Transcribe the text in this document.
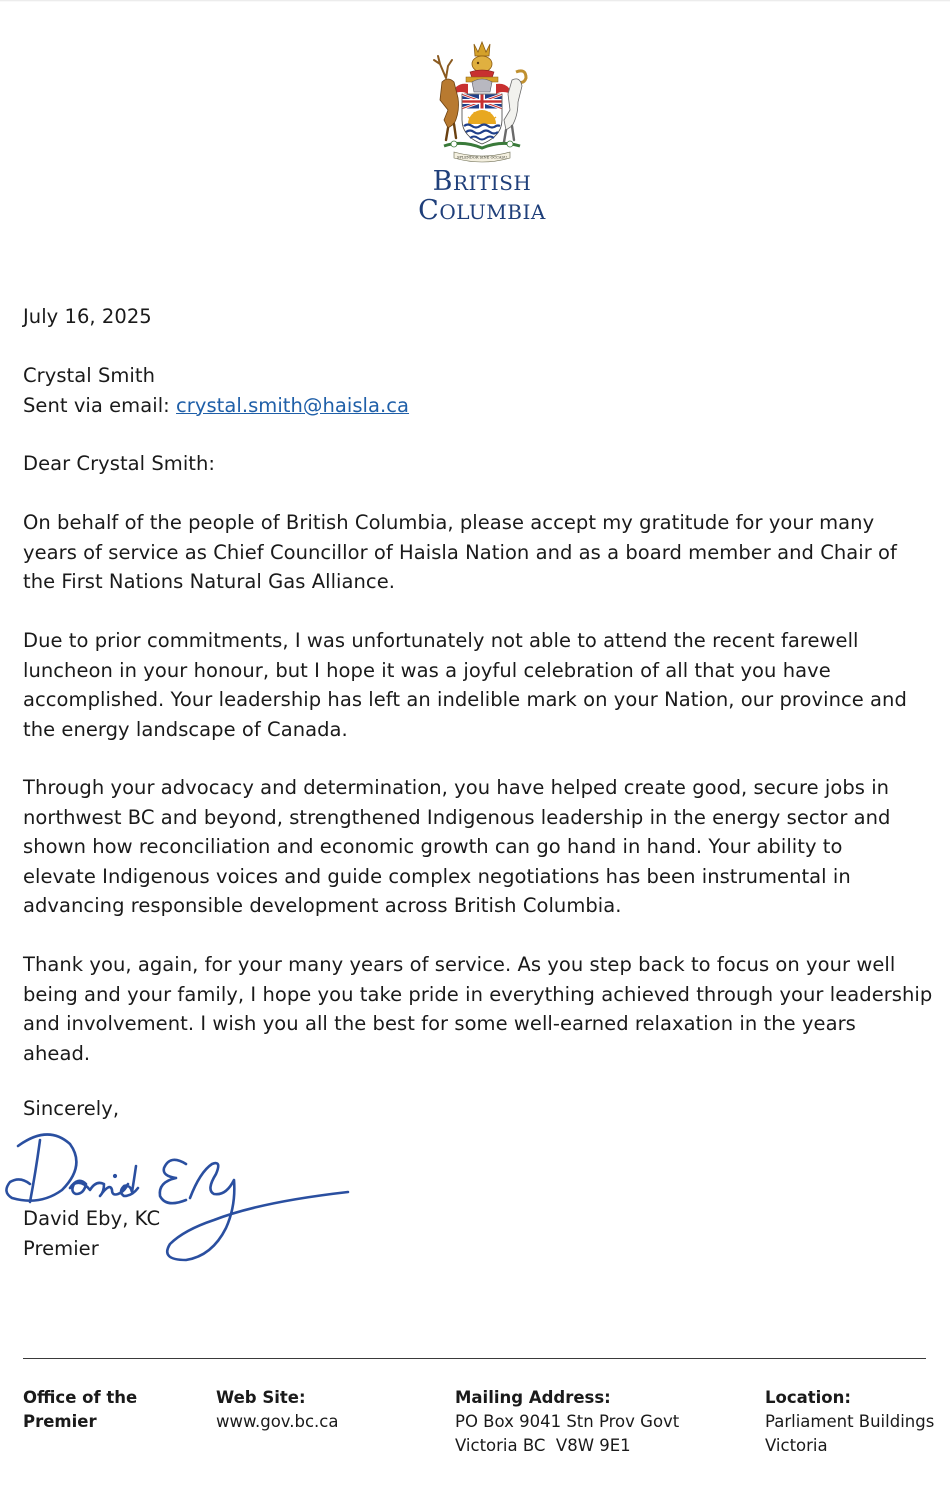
SPLENDOR SINE OCCASU
BRITISH
COLUMBIA
July 16, 2025
Crystal Smith
Sent via email: crystal.smith@haisla.ca
Dear Crystal Smith:
On behalf of the people of British Columbia, please accept my gratitude for your many
years of service as Chief Councillor of Haisla Nation and as a board member and Chair of
the First Nations Natural Gas Alliance.
Due to prior commitments, I was unfortunately not able to attend the recent farewell
luncheon in your honour, but I hope it was a joyful celebration of all that you have
accomplished. Your leadership has left an indelible mark on your Nation, our province and
the energy landscape of Canada.
Through your advocacy and determination, you have helped create good, secure jobs in
northwest BC and beyond, strengthened Indigenous leadership in the energy sector and
shown how reconciliation and economic growth can go hand in hand. Your ability to
elevate Indigenous voices and guide complex negotiations has been instrumental in
advancing responsible development across British Columbia.
Thank you, again, for your many years of service. As you step back to focus on your well
being and your family, I hope you take pride in everything achieved through your leadership
and involvement. I wish you all the best for some well-earned relaxation in the years
ahead.
Sincerely,
David Eby, KC
Premier
Office of the
Premier
Web Site:
www.gov.bc.ca
Mailing Address:
PO Box 9041 Stn Prov Govt
Victoria BC  V8W 9E1
Location:
Parliament Buildings
Victoria
